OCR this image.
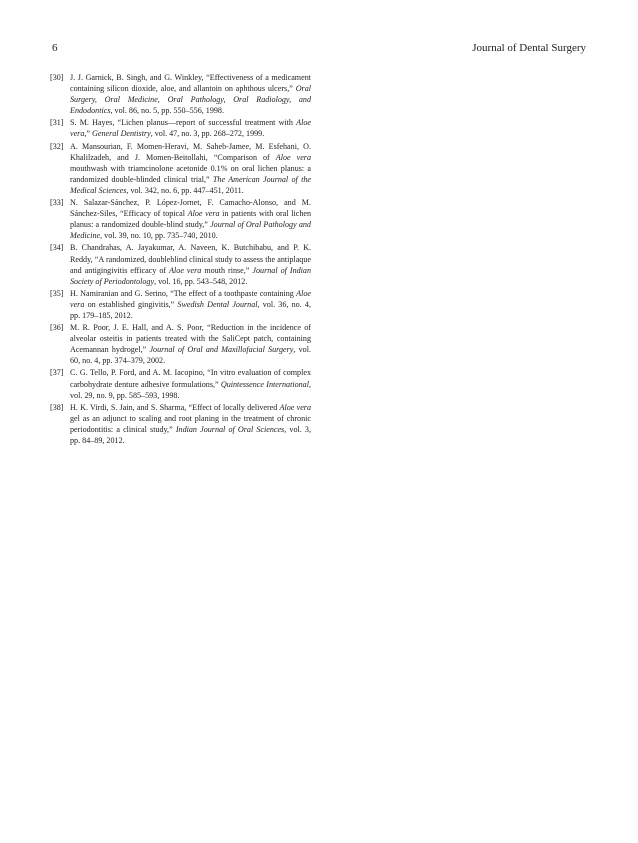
6	Journal of Dental Surgery
[30] J. J. Garnick, B. Singh, and G. Winkley, “Effectiveness of a medicament containing silicon dioxide, aloe, and allantoin on aphthous ulcers,” Oral Surgery, Oral Medicine, Oral Pathology, Oral Radiology, and Endodontics, vol. 86, no. 5, pp. 550–556, 1998.
[31] S. M. Hayes, “Lichen planus—report of successful treatment with Aloe vera,” General Dentistry, vol. 47, no. 3, pp. 268–272, 1999.
[32] A. Mansourian, F. Momen-Heravi, M. Saheb-Jamee, M. Esfehani, O. Khalilzadeh, and J. Momen-Beitollahi, “Comparison of Aloe vera mouthwash with triamcinolone acetonide 0.1% on oral lichen planus: a randomized double-blinded clinical trial,” The American Journal of the Medical Sciences, vol. 342, no. 6, pp. 447–451, 2011.
[33] N. Salazar-Sánchez, P. López-Jornet, F. Camacho-Alonso, and M. Sánchez-Siles, “Efficacy of topical Aloe vera in patients with oral lichen planus: a randomized double-blind study,” Journal of Oral Pathology and Medicine, vol. 39, no. 10, pp. 735–740, 2010.
[34] B. Chandrahas, A. Jayakumar, A. Naveen, K. Butchibabu, and P. K. Reddy, “A randomized, doubleblind clinical study to assess the antiplaque and antigingivitis efficacy of Aloe vera mouth rinse,” Journal of Indian Society of Periodontology, vol. 16, pp. 543–548, 2012.
[35] H. Namiranian and G. Serino, “The effect of a toothpaste containing Aloe vera on established gingivitis,” Swedish Dental Journal, vol. 36, no. 4, pp. 179–185, 2012.
[36] M. R. Poor, J. E. Hall, and A. S. Poor, “Reduction in the incidence of alveolar osteitis in patients treated with the SaliCept patch, containing Acemannan hydrogel,” Journal of Oral and Maxillofacial Surgery, vol. 60, no. 4, pp. 374–379, 2002.
[37] C. G. Tello, P. Ford, and A. M. Iacopino, “In vitro evaluation of complex carbohydrate denture adhesive formulations,” Quintessence International, vol. 29, no. 9, pp. 585–593, 1998.
[38] H. K. Virdi, S. Jain, and S. Sharma, “Effect of locally delivered Aloe vera gel as an adjunct to scaling and root planing in the treatment of chronic periodontitis: a clinical study,” Indian Journal of Oral Sciences, vol. 3, pp. 84–89, 2012.
